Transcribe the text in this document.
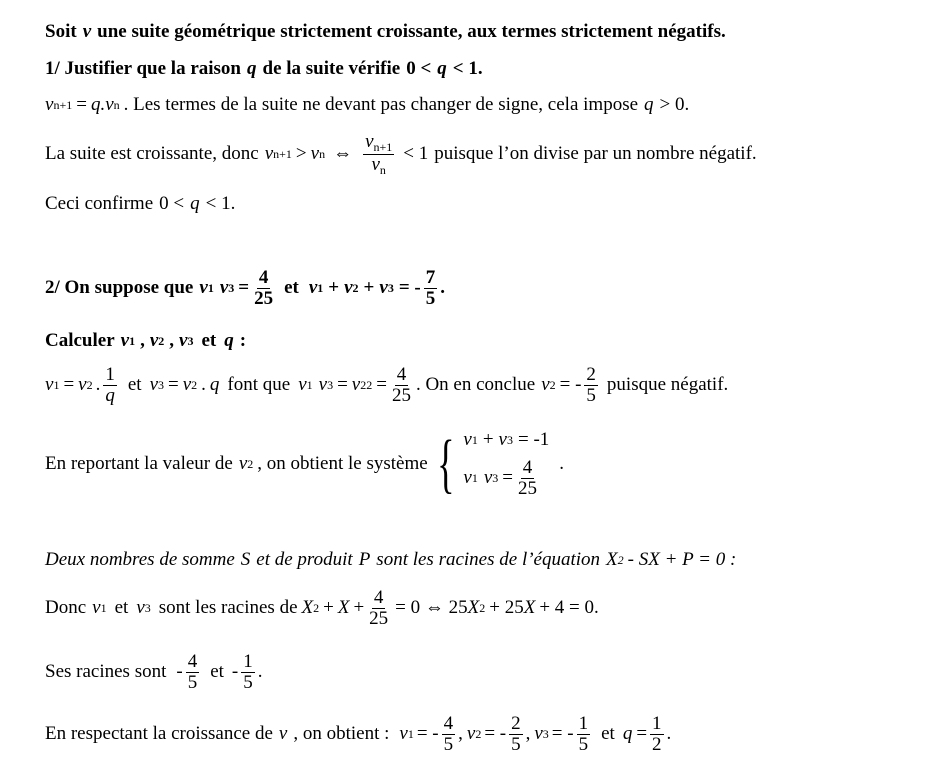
Soit v une suite géométrique strictement croissante, aux termes strictement négatifs.
1/ Justifier que la raison q de la suite vérifie 0 < q < 1.
v n+1 = q .v n . Les termes de la suite ne devant pas changer de signe, cela impose q > 0.
La suite est croissante, donc v n+1 > v n ⇔ $\frac{v_{n+1}}{v_n} < 1$ puisque l’on divise par un nombre négatif.
Ceci confirme 0 < q < 1.
2/ On suppose que v 1 v $3 = \frac{4}{25}$ et v 1 + v 2 + v 3 = - $\frac{7}{5}$ .
Calculer v 1 , v 2 , v 3 et q :
v 1 = v 2 . $\frac{1}{q}$ et v 3 = v 2 . q font que v 1 v 3 = v 2 $2 = \frac{4}{25}$ . On en conclue v 2 = - $\frac{2}{5}$ puisque négatif.
En reportant la valeur de v 2 , on obtient le système { v 1 + v 3 = -1
v 1 v $3 = \frac{4}{25}$ .
Deux nombres de somme S et de produit P sont les racines de l’équation X 2 - SX + P = 0 :
Donc v 1 et v 3 sont les racines de X $2 + X + \frac{4}{25} = 0$ ⇔ 25 X 2 + 25 X + 4 = 0.
Ses racines sont - $\frac{4}{5}$ et - $\frac{1}{5}$ .
En respectant la croissance de v , on obtient : v 1 = - $\frac{4}{5}$ , v 2 = - $\frac{2}{5}$ , v 3 = - $\frac{1}{5}$ et $q = \frac{1}{2}$ .
